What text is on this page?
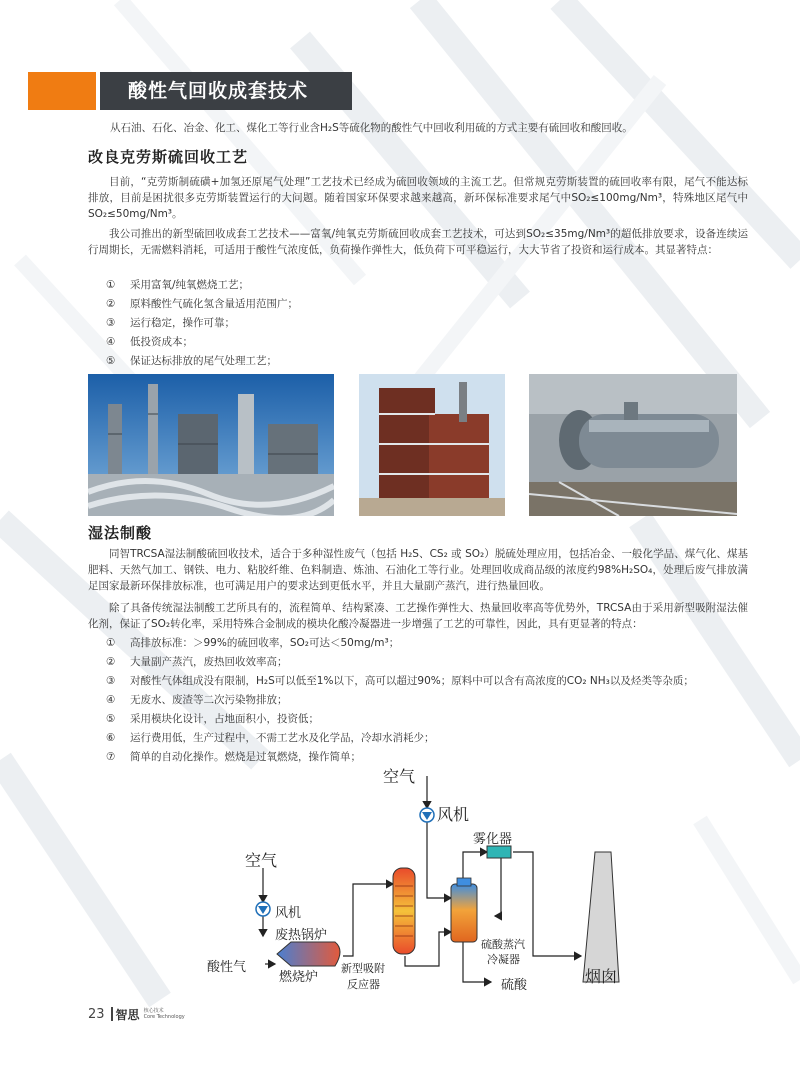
酸性气回收成套技术
从石油、石化、冶金、化工、煤化工等行业含H₂S等硫化物的酸性气中回收利用硫的方式主要有硫回收和酸回收。
改良克劳斯硫回收工艺
目前，“克劳斯制硫磺+加氢还原尾气处理”工艺技术已经成为硫回收领域的主流工艺。但常规克劳斯装置的硫回收率有限，尾气不能达标排放，目前是困扰很多克劳斯装置运行的大问题。随着国家环保要求越来越高，新环保标准要求尾气中SO₂≤100mg/Nm³，特殊地区尾气中SO₂≤50mg/Nm³。
我公司推出的新型硫回收成套工艺技术——富氧/纯氧克劳斯硫回收成套工艺技术，可达到SO₂≤35mg/Nm³的超低排放要求，设备连续运行周期长，无需燃料消耗，可适用于酸性气浓度低，负荷操作弹性大，低负荷下可平稳运行，大大节省了投资和运行成本。其显著特点：
①	采用富氧/纯氧燃烧工艺；
②	原料酸性气硫化氢含量适用范围广；
③	运行稳定，操作可靠；
④	低投资成本；
⑤	保证达标排放的尾气处理工艺；
湿法制酸
同智TRCSA湿法制酸硫回收技术，适合于多种湿性废气（包括 H₂S、CS₂ 或 SO₂）脱硫处理应用，包括冶金、一般化学品、煤气化、煤基肥料、天然气加工、钢铁、电力、粘胶纤维、色料制造、炼油、石油化工等行业。处理回收成商品级的浓度约98%H₂SO₄，处理后废气排放满足国家最新环保排放标准，也可满足用户的要求达到更低水平，并且大量副产蒸汽，进行热量回收。
除了具备传统湿法制酸工艺所具有的，流程简单、结构紧凑、工艺操作弹性大、热量回收率高等优势外，TRCSA由于采用新型吸附湿法催化剂，保证了SO₂转化率，采用特殊合金制成的模块化酸冷凝器进一步增强了工艺的可靠性，因此，具有更显著的特点：
①	高排放标准：＞99%的硫回收率，SO₂可达＜50mg/m³；
②	大量副产蒸汽，废热回收效率高；
③	对酸性气体组成没有限制，H₂S可以低至1%以下，高可以超过90%；原料中可以含有高浓度的CO₂ NH₃以及烃类等杂质；
④	无废水、废渣等二次污染物排放；
⑤	采用模块化设计，占地面积小，投资低；
⑥	运行费用低，生产过程中，不需工艺水及化学品，冷却水消耗少；
⑦	简单的自动化操作。燃烧是过氧燃烧，操作简单；
空气
风机
雾化器
空气
风机
废热锅炉
酸性气
燃烧炉
新型吸附
反应器
硫酸蒸汽
冷凝器
硫酸	烟囱
23 智思 核心技术
Core Technology
